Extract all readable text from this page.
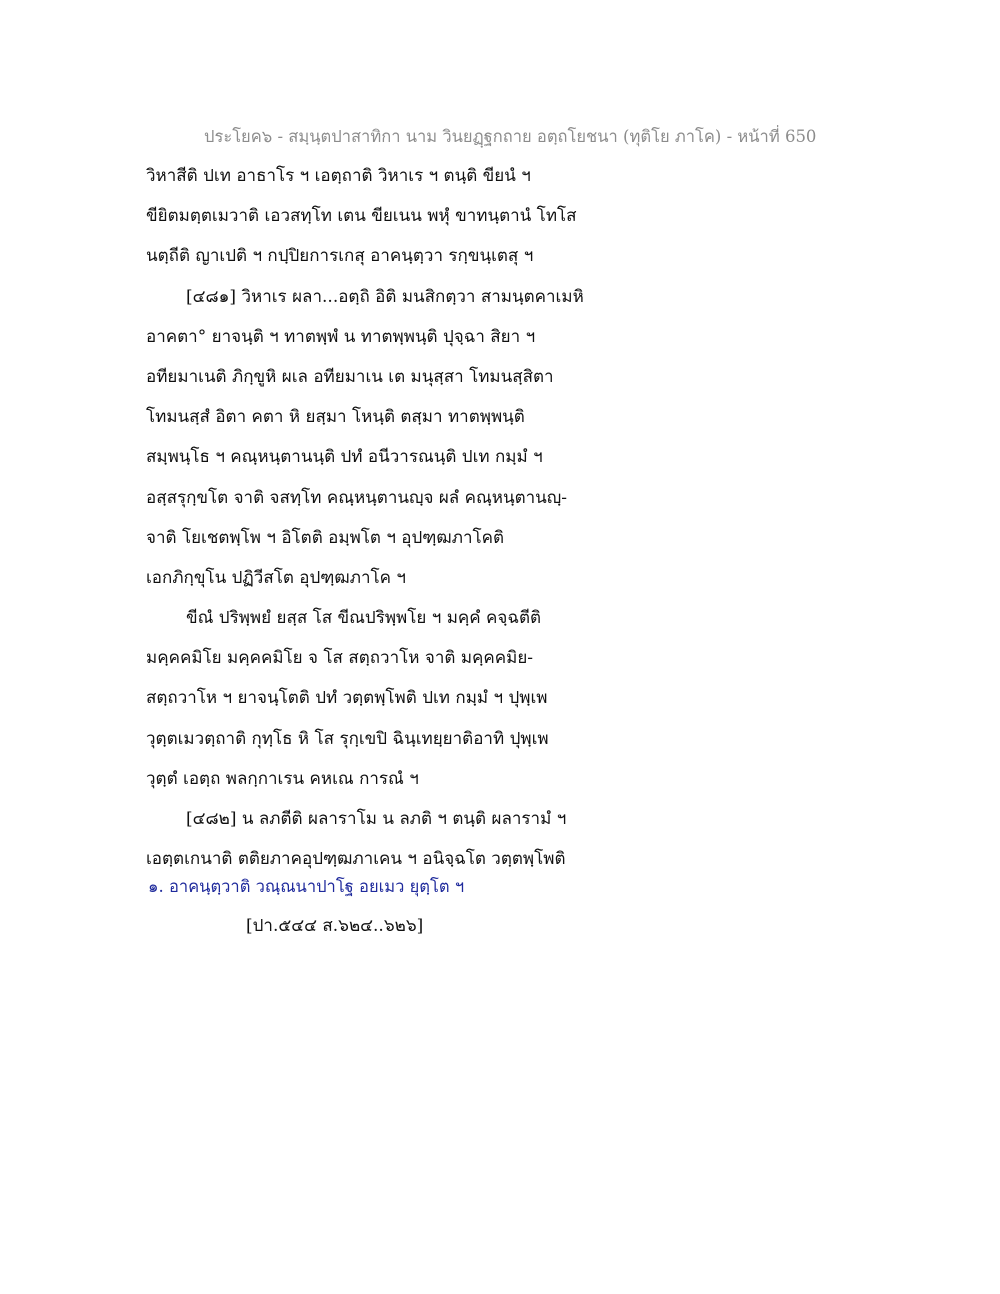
ประโยค๖ - สมฺนฺตปาสาทิกา นาม วินยฏฺฐกถาย อตฺถโยชนา (ทุติโย ภาโค) - หน้าที่ 650
วิหาสีติ ปเท อาธาโร ฯ เอตฺถาติ วิหาเร ฯ ตนฺติ ขียนํ ฯ
ขียิตมตฺตเมวาติ เอวสทฺโท เตน ขียเนน พหุํ ขาทนฺตานํ โทโส
นตฺถีติ ญาเปติ ฯ กปฺปิยการเกสุ อาคนฺตฺวา รกฺขนฺเตสุ ฯ
[๔๘๑] วิหาเร ผลา...อตฺถิ อิติ มนสิกตฺวา สามนฺตคาเมหิ
อาคตา° ยาจนฺติ ฯ ทาตพฺพํ น ทาตพฺพนฺติ ปุจฺฉา สิยา ฯ
อทียมาเนติ ภิกฺขูหิ ผเล อทียมาเน เต มนุสฺสา โทมนสฺสิตา
โทมนสฺสํ อิตา คตา หิ ยสฺมา โหนฺติ ตสฺมา ทาตพฺพนฺติ
สมฺพนฺโธ ฯ คณฺหนฺตานนฺติ ปทํ อนีวารณนฺติ ปเท กมฺมํ ฯ
อสฺสรุกฺขโต จาติ จสทฺโท คณฺหนฺตานญฺจ ผลํ คณฺหนฺตานญฺ-
จาติ โยเชตพฺโพ ฯ อิโตติ อมฺพโต ฯ อุปฑฺฒภาโคติ
เอกภิกฺขุโน ปฏิวีสโต อุปฑฺฒภาโค ฯ
ขีณํ ปริพฺพยํ ยสฺส โส ขีณปริพฺพโย ฯ มคฺคํ คจฺฉตีติ
มคฺคคมิโย มคฺคคมิโย จ โส สตฺถวาโห จาติ มคฺคคมิย-
สตฺถวาโห ฯ ยาจนฺโตติ ปทํ วตฺตพฺโพติ ปเท กมฺมํ ฯ ปุพฺเพ
วุตฺตเมวตฺถาติ กุทฺโธ หิ โส รุกฺเขปิ ฉินฺเทยฺยาติอาทิ ปุพฺเพ
วุตฺตํ เอตฺถ พลกฺกาเรน คหเณ การณํ ฯ
[๔๘๒] น ลภตีติ ผลาราโม น ลภติ ฯ ตนฺติ ผลารามํ ฯ
เอตฺตเกนาติ ตติยภาคอุปฑฺฒภาเคน ฯ อนิจฺฉโต วตฺตพฺโพติ
๑. อาคนฺตฺวาติ วณฺณนาปาโฐ อยเมว ยุตฺโต ฯ
[ปา.๕๔๔ ส.๖๒๔..๖๒๖]
